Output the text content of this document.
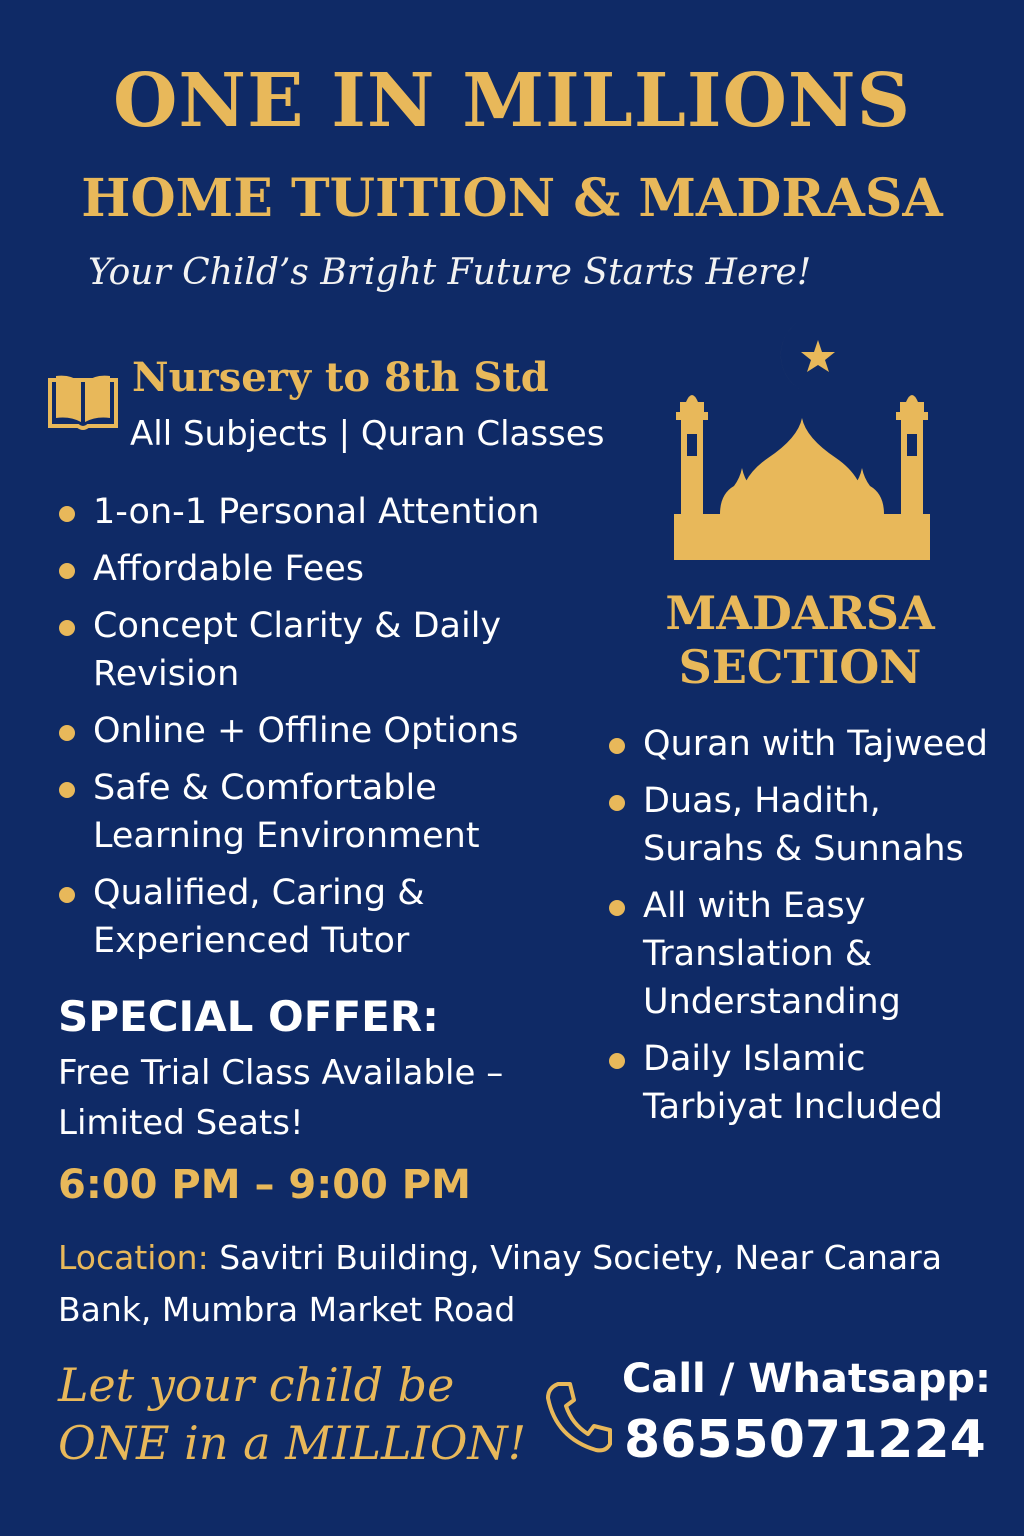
ONE IN MILLIONS
HOME TUITION & MADRASA
Your Child’s Bright Future Starts Here!
Nursery to 8th Std
All Subjects | Quran Classes
1-on-1 Personal Attention
Affordable Fees
Concept Clarity & Daily Revision
Online + Offline Options
Safe & Comfortable Learning Environment
Qualified, Caring & Experienced Tutor
SPECIAL OFFER:
Free Trial Class Available – Limited Seats!
6:00 PM – 9:00 PM
Location: Savitri Building, Vinay Society, Near Canara Bank, Mumbra Market Road
Let your child be
ONE in a MILLION!
Call / Whatsapp:
8655071224
MADARSA
SECTION
Quran with Tajweed
Duas, Hadith, Surahs & Sunnahs
All with Easy Translation & Understanding
Daily Islamic Tarbiyat Included
